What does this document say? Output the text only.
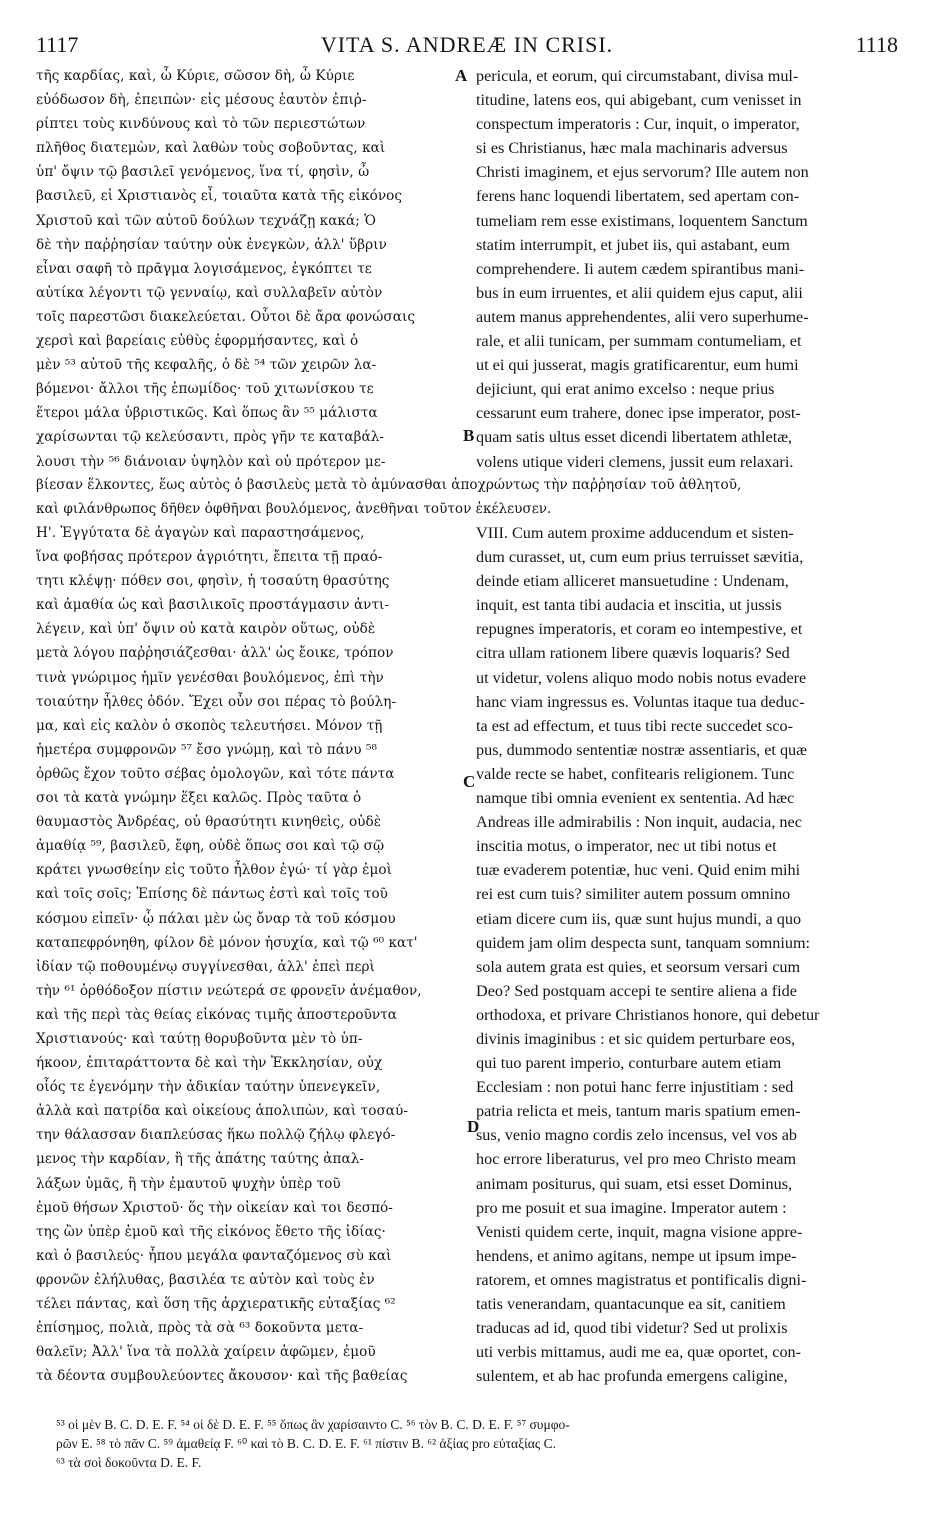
1117	VITA S. ANDREÆ IN CRISI.	1118
τῆς καρδίας, καὶ, ὦ Κύριε, σῶσον δὴ, ὦ Κύριε
εὐόδωσον δὴ, ἐπειπὼν· εἰς μέσους ἑαυτὸν ἐπιῤ-
ρίπτει τοὺς κινδύνους καὶ τὸ τῶν περιεστώτων
πλῆθος διατεμὼν, καὶ λαθὼν τοὺς σοβοῦντας, καὶ
ὑπ' ὄψιν τῷ βασιλεῖ γενόμενος, ἵνα τί, φησὶν, ὦ
βασιλεῦ, εἰ Χριστιανὸς εἶ, τοιαῦτα κατὰ τῆς εἰκόνος
Χριστοῦ καὶ τῶν αὐτοῦ δούλων τεχνάζῃ κακά; Ὁ
δὲ τὴν παῤῥησίαν ταύτην οὐκ ἐνεγκὼν, ἀλλ' ὕβριν
εἶναι σαφῆ τὸ πρᾶγμα λογισάμενος, ἐγκόπτει τε
αὐτίκα λέγοντι τῷ γενναίῳ, καὶ συλλαβεῖν αὐτὸν
τοῖς παρεστῶσι διακελεύεται. Οὗτοι δὲ ἄρα φονώσαις
χερσὶ καὶ βαρείαις εὐθὺς ἐφορμήσαντες, καὶ ὁ
μὲν ⁵³ αὐτοῦ τῆς κεφαλῆς, ὁ δὲ ⁵⁴ τῶν χειρῶν λα-
βόμενοι· ἄλλοι τῆς ἐπωμίδος· τοῦ χιτωνίσκου τε
ἕτεροι μάλα ὑβριστικῶς. Καὶ ὅπως ἂν ⁵⁵ μάλιστα
χαρίσωνται τῷ κελεύσαντι, πρὸς γῆν τε καταβάλ-
λουσι τὴν ⁵⁶ διάνοιαν ὑψηλὸν καὶ οὐ πρότερον με-
pericula, et eorum, qui circumstabant, divisa mul-
titudine, latens eos, qui abigebant, cum venisset in
conspectum imperatoris : Cur, inquit, o imperator,
si es Christianus, hæc mala machinaris adversus
Christi imaginem, et ejus servorum? Ille autem non
ferens hanc loquendi libertatem, sed apertam con-
tumeliam rem esse existimans, loquentem Sanctum
statim interrumpit, et jubet iis, qui astabant, eum
comprehendere. Ii autem cædem spirantibus mani-
bus in eum irruentes, et alii quidem ejus caput, alii
autem manus apprehendentes, alii vero superhume-
rale, et alii tunicam, per summam contumeliam, et
ut ei qui jusserat, magis gratificarentur, eum humi
dejiciunt, qui erat animo excelso : neque prius
cessarunt eum trahere, donec ipse imperator, post-
quam satis ultus esset dicendi libertatem athletæ,
volens utique videri clemens, jussit eum relaxari.
A
B
C
D
βίεσαν ἕλκοντες, ἕως αὐτὸς ὁ βασιλεὺς μετὰ τὸ ἀμύνασθαι ἀποχρώντως τὴν παῤῥησίαν τοῦ ἀθλητοῦ,
καὶ φιλάνθρωπος δῆθεν ὀφθῆναι βουλόμενος, ἀνεθῆναι τοῦτον ἐκέλευσεν.
Η'. Ἐγγύτατα δὲ ἀγαγὼν καὶ παραστησάμενος,
ἵνα φοβήσας πρότερον ἀγριότητι, ἔπειτα τῇ πραό-
τητι κλέψῃ· πόθεν σοι, φησὶν, ἡ τοσαύτη θρασύτης
καὶ ἀμαθία ὡς καὶ βασιλικοῖς προστάγμασιν ἀντι-
λέγειν, καὶ ὑπ' ὄψιν οὐ κατὰ καιρὸν οὕτως, οὐδὲ
μετὰ λόγου παῤῥησιάζεσθαι· ἀλλ' ὡς ἔοικε, τρόπον
τινὰ γνώριμος ἡμῖν γενέσθαι βουλόμενος, ἐπὶ τὴν
τοιαύτην ἦλθες ὁδόν. Ἔχει οὖν σοι πέρας τὸ βούλη-
μα, καὶ εἰς καλὸν ὁ σκοπὸς τελευτήσει. Μόνον τῇ
ἡμετέρα συμφρονῶν ⁵⁷ ἔσο γνώμῃ, καὶ τὸ πάνυ ⁵⁸
ὀρθῶς ἔχον τοῦτο σέβας ὁμολογῶν, καὶ τότε πάντα
σοι τὰ κατὰ γνώμην ἕξει καλῶς. Πρὸς ταῦτα ὁ
θαυμαστὸς Ἀνδρέας, οὐ θρασύτητι κινηθεὶς, οὐδὲ
ἀμαθίᾳ ⁵⁹, βασιλεῦ, ἔφη, οὐδὲ ὅπως σοι καὶ τῷ σῷ
κράτει γνωσθείην εἰς τοῦτο ἦλθον ἐγώ· τί γὰρ ἐμοὶ
καὶ τοῖς σοῖς; Ἐπίσης δὲ πάντως ἐστὶ καὶ τοῖς τοῦ
κόσμου εἰπεῖν· ᾧ πάλαι μὲν ὡς ὄναρ τὰ τοῦ κόσμου
καταπεφρόνηθη, φίλον δὲ μόνον ἡσυχία, καὶ τῷ ⁶⁰ κατ'
ἰδίαν τῷ ποθουμένῳ συγγίνεσθαι, ἀλλ' ἐπεὶ περὶ
τὴν ⁶¹ ὀρθόδοξον πίστιν νεώτερά σε φρονεῖν ἀνέμαθον,
καὶ τῆς περὶ τὰς θείας εἰκόνας τιμῆς ἀποστεροῦντα
Χριστιανούς· καὶ ταύτῃ θορυβοῦντα μὲν τὸ ὑπ-
ήκοον, ἐπιταράττοντα δὲ καὶ τὴν Ἐκκλησίαν, οὐχ
οἷός τε ἐγενόμην τὴν ἀδικίαν ταύτην ὑπενεγκεῖν,
ἀλλὰ καὶ πατρίδα καὶ οἰκείους ἀπολιπὼν, καὶ τοσαύ-
την θάλασσαν διαπλεύσας ἥκω πολλῷ ζήλῳ φλεγό-
μενος τὴν καρδίαν, ἢ τῆς ἀπάτης ταύτης ἀπαλ-
λάξων ὑμᾶς, ἢ τὴν ἐμαυτοῦ ψυχὴν ὑπὲρ τοῦ
ἐμοῦ θήσων Χριστοῦ· ὅς τὴν οἰκείαν καὶ τοι δεσπό-
της ὢν ὑπὲρ ἐμοῦ καὶ τῆς εἰκόνος ἔθετο τῆς ἰδίας·
καὶ ὁ βασιλεύς· ἧπου μεγάλα φανταζόμενος σὺ καὶ
φρονῶν ἐλήλυθας, βασιλέα τε αὐτὸν καὶ τοὺς ἐν
τέλει πάντας, καὶ ὅση τῆς ἀρχιερατικῆς εὐταξίας ⁶²
ἐπίσημος, πολιὰ, πρὸς τὰ σὰ ⁶³ δοκοῦντα μετα-
θαλεῖν; Ἀλλ' ἵνα τὰ πολλὰ χαίρειν ἀφῶμεν, ἐμοῦ
τὰ δέοντα συμβουλεύοντες ἄκουσον· καὶ τῆς βαθείας
VIII. Cum autem proxime adducendum et sisten-
dum curasset, ut, cum eum prius terruisset sævitia,
deinde etiam alliceret mansuetudine : Undenam,
inquit, est tanta tibi audacia et inscitia, ut jussis
repugnes imperatoris, et coram eo intempestive, et
citra ullam rationem libere quævis loquaris? Sed
ut videtur, volens aliquo modo nobis notus evadere
hanc viam ingressus es. Voluntas itaque tua deduc-
ta est ad effectum, et tuus tibi recte succedet sco-
pus, dummodo sententiæ nostræ assentiaris, et quæ
valde recte se habet, confitearis religionem. Tunc
namque tibi omnia evenient ex sententia. Ad hæc
Andreas ille admirabilis : Non inquit, audacia, nec
inscitia motus, o imperator, nec ut tibi notus et
tuæ evaderem potentiæ, huc veni. Quid enim mihi
rei est cum tuis? similiter autem possum omnino
etiam dicere cum iis, quæ sunt hujus mundi, a quo
quidem jam olim despecta sunt, tanquam somnium:
sola autem grata est quies, et seorsum versari cum
Deo? Sed postquam accepi te sentire aliena a fide
orthodoxa, et privare Christianos honore, qui debetur
divinis imaginibus : et sic quidem perturbare eos,
qui tuo parent imperio, conturbare autem etiam
Ecclesiam : non potui hanc ferre injustitiam : sed
patria relicta et meis, tantum maris spatium emen-
sus, venio magno cordis zelo incensus, vel vos ab
hoc errore liberaturus, vel pro meo Christo meam
animam positurus, qui suam, etsi esset Dominus,
pro me posuit et sua imagine. Imperator autem :
Venisti quidem certe, inquit, magna visione appre-
hendens, et animo agitans, nempe ut ipsum impe-
ratorem, et omnes magistratus et pontificalis digni-
tatis venerandam, quantacunque ea sit, canitiem
traducas ad id, quod tibi videtur? Sed ut prolixis
uti verbis mittamus, audi me ea, quæ oportet, con-
sulentem, et ab hac profunda emergens caligine,
⁵³ οἱ μὲν B. C. D. E. F. ⁵⁴ οἱ δὲ D. E. F. ⁵⁵ ὅπως ἂν χαρίσαιντο C. ⁵⁶ τὸν B. C. D. E. F. ⁵⁷ συμφο-
ρῶν E. ⁵⁸ τὸ πᾶν C. ⁵⁹ ἀμαθείᾳ F. ⁶⁰ καὶ τὸ B. C. D. E. F. ⁶¹ πίστιν B. ⁶² ἀξίας pro εὐταξίας C.
⁶³ τὰ σοὶ δοκοῦντα D. E. F.
